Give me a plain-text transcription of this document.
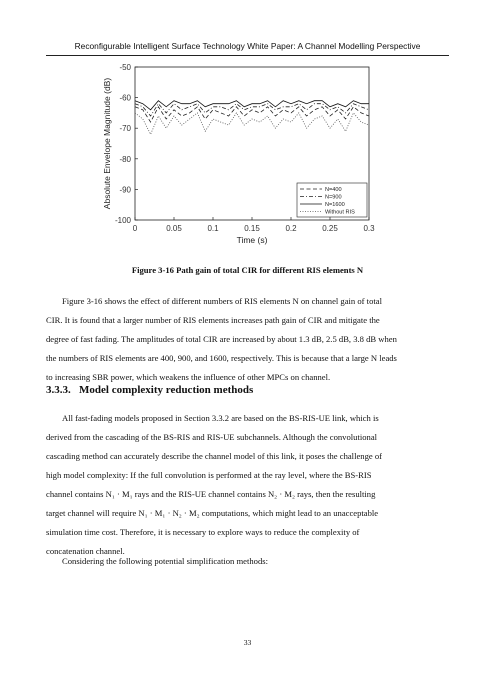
Reconfigurable Intelligent Surface Technology White Paper: A Channel Modelling Perspective
0	0.05	0.1	0.15	0.2	0.25	0.3
-50
-60
-70
-80
-90
-100
Time (s)
Absolute Envelope Magnitude (dB)	N=400
N=900
N=1600
Without RIS
Figure 3-16 Path gain of total CIR for different RIS elements N

Figure 3-16 shows the effect of different numbers of RIS elements N on channel gain of total
CIR. It is found that a larger number of RIS elements increases path gain of CIR and mitigate the
degree of fast fading. The amplitudes of total CIR are increased by about 1.3 dB, 2.5 dB, 3.8 dB when
the numbers of RIS elements are 400, 900, and 1600, respectively. This is because that a large N leads
to increasing SBR power, which weakens the influence of other MPCs on channel.

3.3.3. Model complexity reduction methods

All fast-fading models proposed in Section 3.3.2 are based on the BS-RIS-UE link, which is
derived from the cascading of the BS-RIS and RIS-UE subchannels. Although the convolutional
cascading method can accurately describe the channel model of this link, it poses the challenge of
high model complexity: If the full convolution is performed at the ray level, where the BS-RIS
channel contains N₁ · M₁ rays and the RIS-UE channel contains N₂ · M₂ rays, then the resulting
target channel will require N₁ · M₁ · N₂ · M₂ computations, which might lead to an unacceptable
simulation time cost. Therefore, it is necessary to explore ways to reduce the complexity of
concatenation channel.

Considering the following potential simplification methods:

33
